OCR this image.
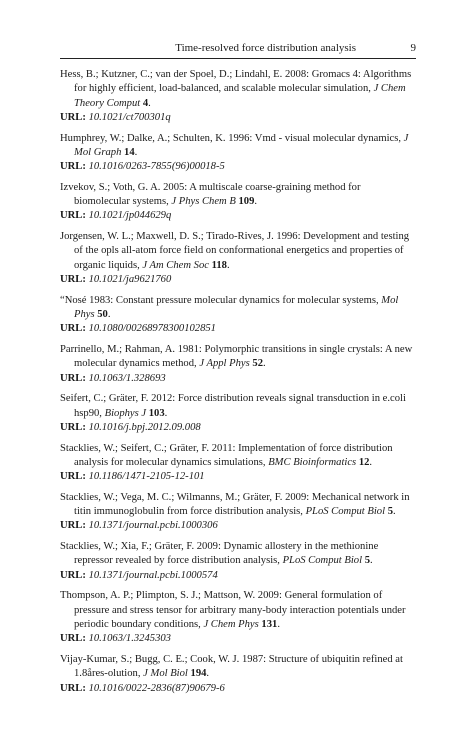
Time-resolved force distribution analysis	9
Hess, B.; Kutzner, C.; van der Spoel, D.; Lindahl, E. 2008: Gromacs 4: Algorithms for highly efficient, load-balanced, and scalable molecular simulation, J Chem Theory Comput 4.
URL: 10.1021/ct700301q
Humphrey, W.; Dalke, A.; Schulten, K. 1996: Vmd - visual molecular dynamics, J Mol Graph 14.
URL: 10.1016/0263-7855(96)00018-5
Izvekov, S.; Voth, G. A. 2005: A multiscale coarse-graining method for biomolecular systems, J Phys Chem B 109.
URL: 10.1021/jp044629q
Jorgensen, W. L.; Maxwell, D. S.; Tirado-Rives, J. 1996: Development and testing of the opls all-atom force field on conformational energetics and properties of organic liquids, J Am Chem Soc 118.
URL: 10.1021/ja9621760
“Nosé 1983: Constant pressure molecular dynamics for molecular systems, Mol Phys 50.
URL: 10.1080/00268978300102851
Parrinello, M.; Rahman, A. 1981: Polymorphic transitions in single crystals: A new molecular dynamics method, J Appl Phys 52.
URL: 10.1063/1.328693
Seifert, C.; Gräter, F. 2012: Force distribution reveals signal transduction in e.coli hsp90, Biophys J 103.
URL: 10.1016/j.bpj.2012.09.008
Stacklies, W.; Seifert, C.; Gräter, F. 2011: Implementation of force distribution analysis for molecular dynamics simulations, BMC Bioinformatics 12.
URL: 10.1186/1471-2105-12-101
Stacklies, W.; Vega, M. C.; Wilmanns, M.; Gräter, F. 2009: Mechanical network in titin immunoglobulin from force distribution analysis, PLoS Comput Biol 5.
URL: 10.1371/journal.pcbi.1000306
Stacklies, W.; Xia, F.; Gräter, F. 2009: Dynamic allostery in the methionine repressor revealed by force distribution analysis, PLoS Comput Biol 5.
URL: 10.1371/journal.pcbi.1000574
Thompson, A. P.; Plimpton, S. J.; Mattson, W. 2009: General formulation of pressure and stress tensor for arbitrary many-body interaction potentials under periodic boundary conditions, J Chem Phys 131.
URL: 10.1063/1.3245303
Vijay-Kumar, S.; Bugg, C. E.; Cook, W. J. 1987: Structure of ubiquitin refined at 1.8åres-olution, J Mol Biol 194.
URL: 10.1016/0022-2836(87)90679-6
